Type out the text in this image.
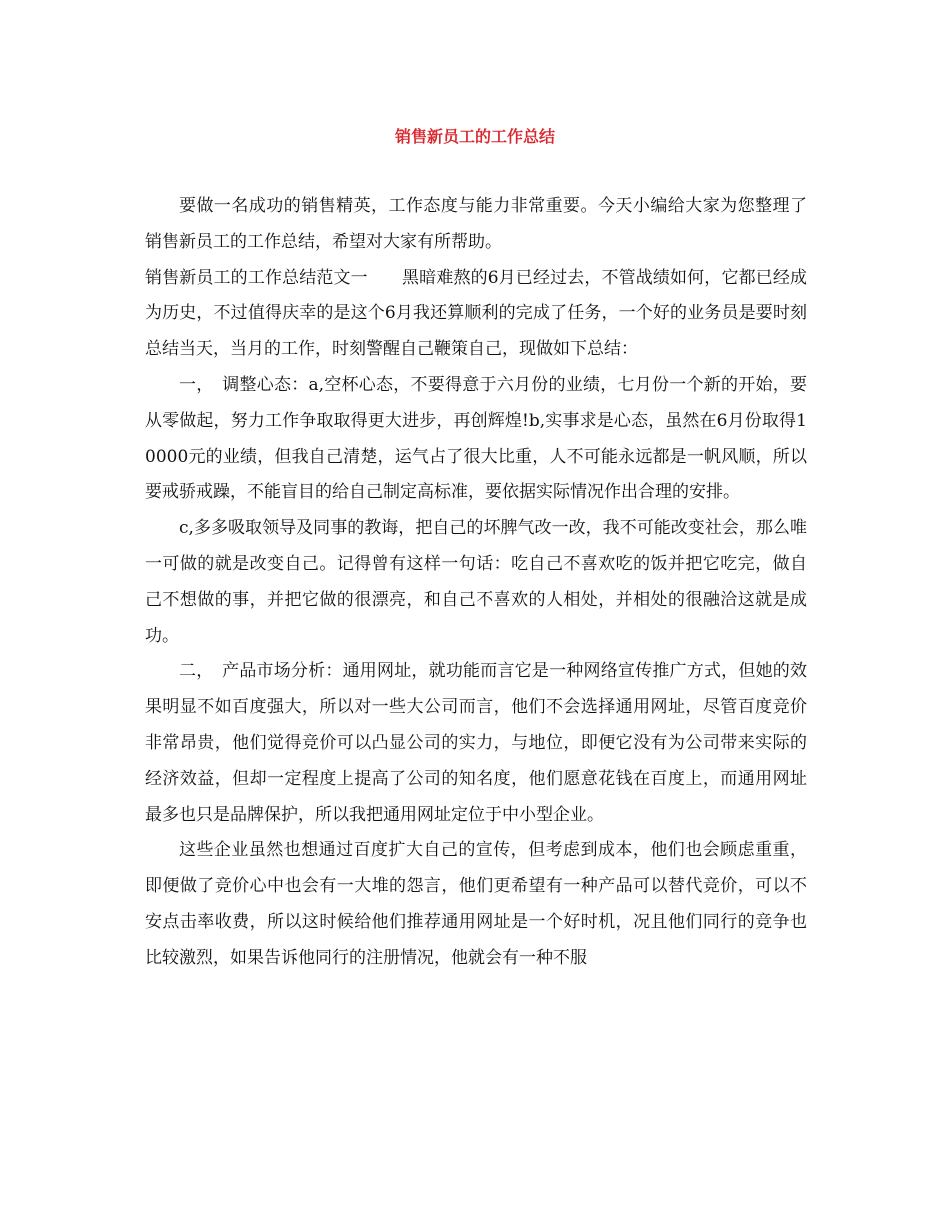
销售新员工的工作总结

要做一名成功的销售精英，工作态度与能力非常重要。今天小编给大家为您整理了销售新员工的工作总结，希望对大家有所帮助。

销售新员工的工作总结范文一　　黑暗难熬的6月已经过去，不管战绩如何，它都已经成为历史，不过值得庆幸的是这个6月我还算顺利的完成了任务，一个好的业务员是要时刻总结当天，当月的工作，时刻警醒自己鞭策自己，现做如下总结：

一，　调整心态：a,空杯心态，不要得意于六月份的业绩，七月份一个新的开始，要从零做起，努力工作争取取得更大进步，再创辉煌!b,实事求是心态，虽然在6月份取得10000元的业绩，但我自己清楚，运气占了很大比重，人不可能永远都是一帆风顺，所以要戒骄戒躁，不能盲目的给自己制定高标准，要依据实际情况作出合理的安排。

c,多多吸取领导及同事的教诲，把自己的坏脾气改一改，我不可能改变社会，那么唯一可做的就是改变自己。记得曾有这样一句话：吃自己不喜欢吃的饭并把它吃完，做自己不想做的事，并把它做的很漂亮，和自己不喜欢的人相处，并相处的很融洽这就是成功。

二，　产品市场分析：通用网址，就功能而言它是一种网络宣传推广方式，但她的效果明显不如百度强大，所以对一些大公司而言，他们不会选择通用网址，尽管百度竞价非常昂贵，他们觉得竞价可以凸显公司的实力，与地位，即便它没有为公司带来实际的经济效益，但却一定程度上提高了公司的知名度，他们愿意花钱在百度上，而通用网址最多也只是品牌保护，所以我把通用网址定位于中小型企业。

这些企业虽然也想通过百度扩大自己的宣传，但考虑到成本，他们也会顾虑重重，即便做了竞价心中也会有一大堆的怨言，他们更希望有一种产品可以替代竞价，可以不安点击率收费，所以这时候给他们推荐通用网址是一个好时机，况且他们同行的竞争也比较激烈，如果告诉他同行的注册情况，他就会有一种不服
